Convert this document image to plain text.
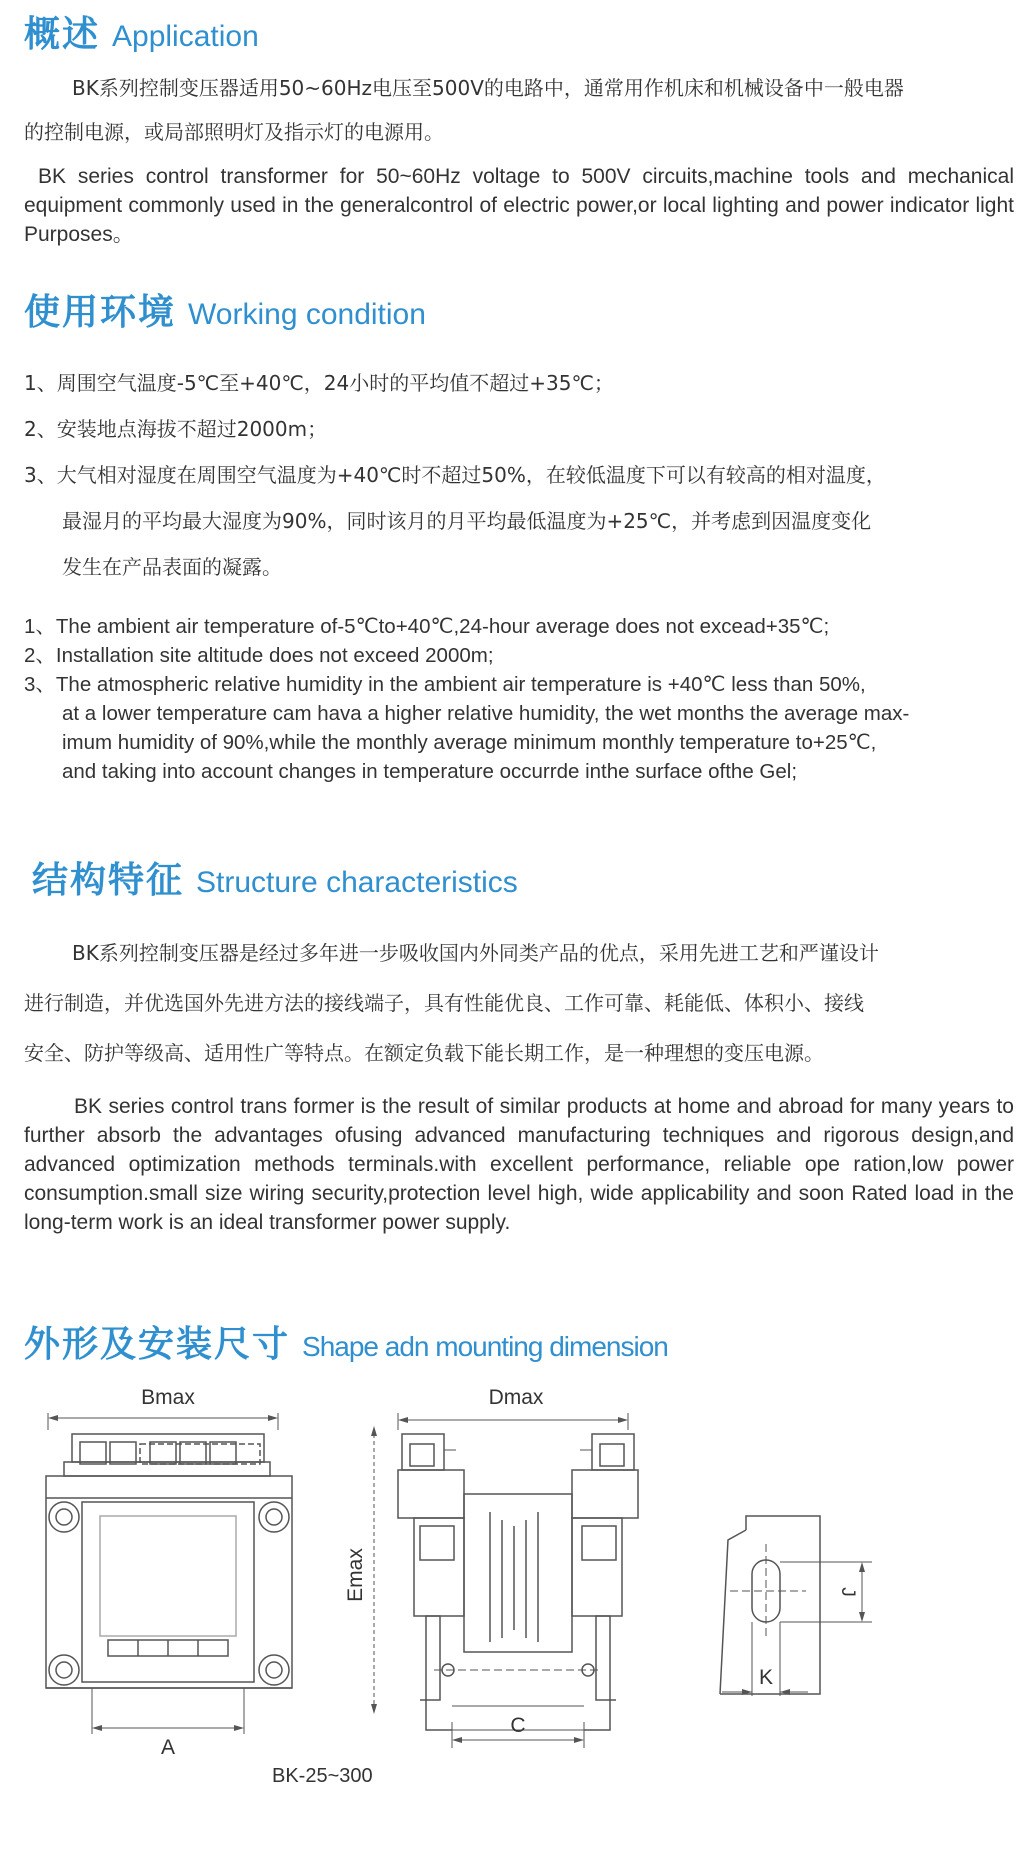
概述 Application
BK系列控制变压器适用50~60Hz电压至500V的电路中，通常用作机床和机械设备中一般电器
的控制电源，或局部照明灯及指示灯的电源用。
BK series control transformer for 50~60Hz voltage to 500V circuits,machine tools and mechanical equipment commonly used in the generalcontrol of electric power,or local lighting and power indicator light Purposes。
使用环境 Working condition
1、周围空气温度-5℃至+40℃，24小时的平均值不超过+35℃；
2、安装地点海拔不超过2000m；
3、大气相对湿度在周围空气温度为+40℃时不超过50%，在较低温度下可以有较高的相对温度，
最湿月的平均最大湿度为90%，同时该月的月平均最低温度为+25℃，并考虑到因温度变化
发生在产品表面的凝露。
1、The ambient air temperature of-5℃to+40℃,24-hour average does not excead+35℃;
2、Installation site altitude does not exceed 2000m;
3、The atmospheric relative humidity in the ambient air temperature is +40℃ less than 50%,
at a lower temperature cam hava a higher relative humidity, the wet months the average max-
imum humidity of 90%,while the monthly average minimum monthly temperature to+25℃,
and taking into account changes in temperature occurrde inthe surface ofthe Gel;
结构特征 Structure characteristics
BK系列控制变压器是经过多年进一步吸收国内外同类产品的优点，采用先进工艺和严谨设计
进行制造，并优选国外先进方法的接线端子，具有性能优良、工作可靠、耗能低、体积小、接线
安全、防护等级高、适用性广等特点。在额定负载下能长期工作，是一种理想的变压电源。
BK series control trans former is the result of similar products at home and abroad for many years to further absorb the advantages ofusing advanced manufacturing techniques and rigorous design,and advanced optimization methods terminals.with excellent performance, reliable ope ration,low power consumption.small size wiring security,protection level high, wide applicability and soon Rated load in the long-term work is an ideal transformer power supply.
外形及安装尺寸 Shape adn mounting dimension
Bmax	Dmax
Emax
A
C
J
K
BK-25~300
